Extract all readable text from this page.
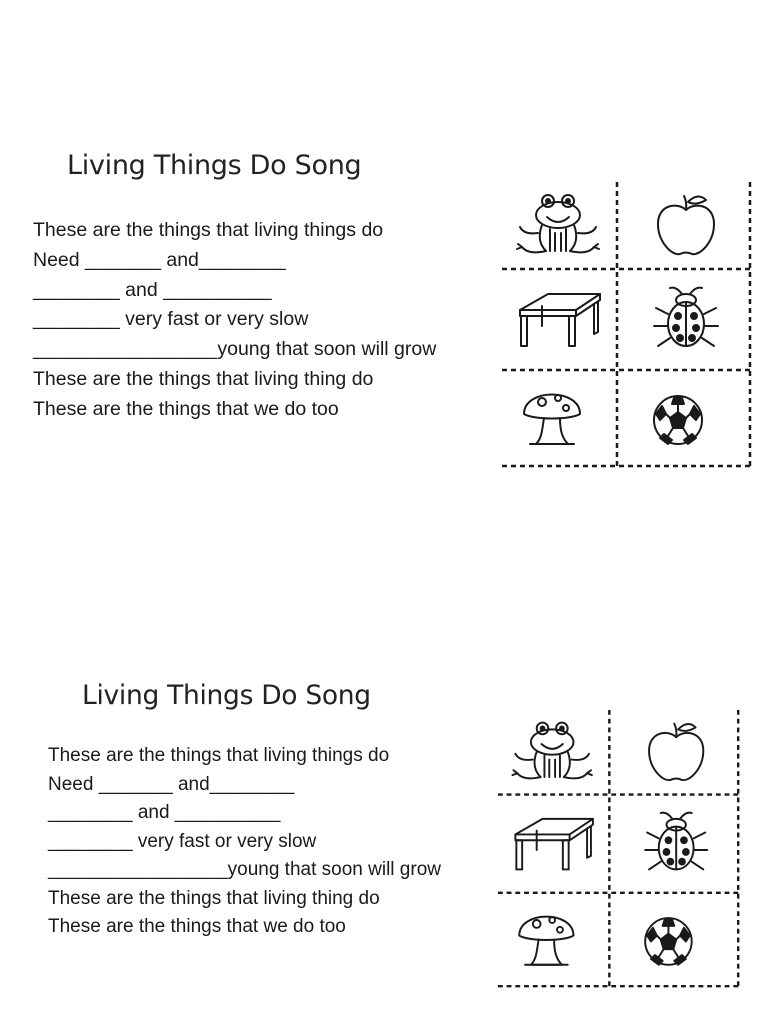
Living Things Do Song
These are the things that living things do
Need _______ and________
________ and __________
________ very fast or very slow
_________________young that soon will grow
These are the things that living thing do
These are the things that we do too
Living Things Do Song
These are the things that living things do
Need _______ and________
________ and __________
________ very fast or very slow
_________________young that soon will grow
These are the things that living thing do
These are the things that we do too
